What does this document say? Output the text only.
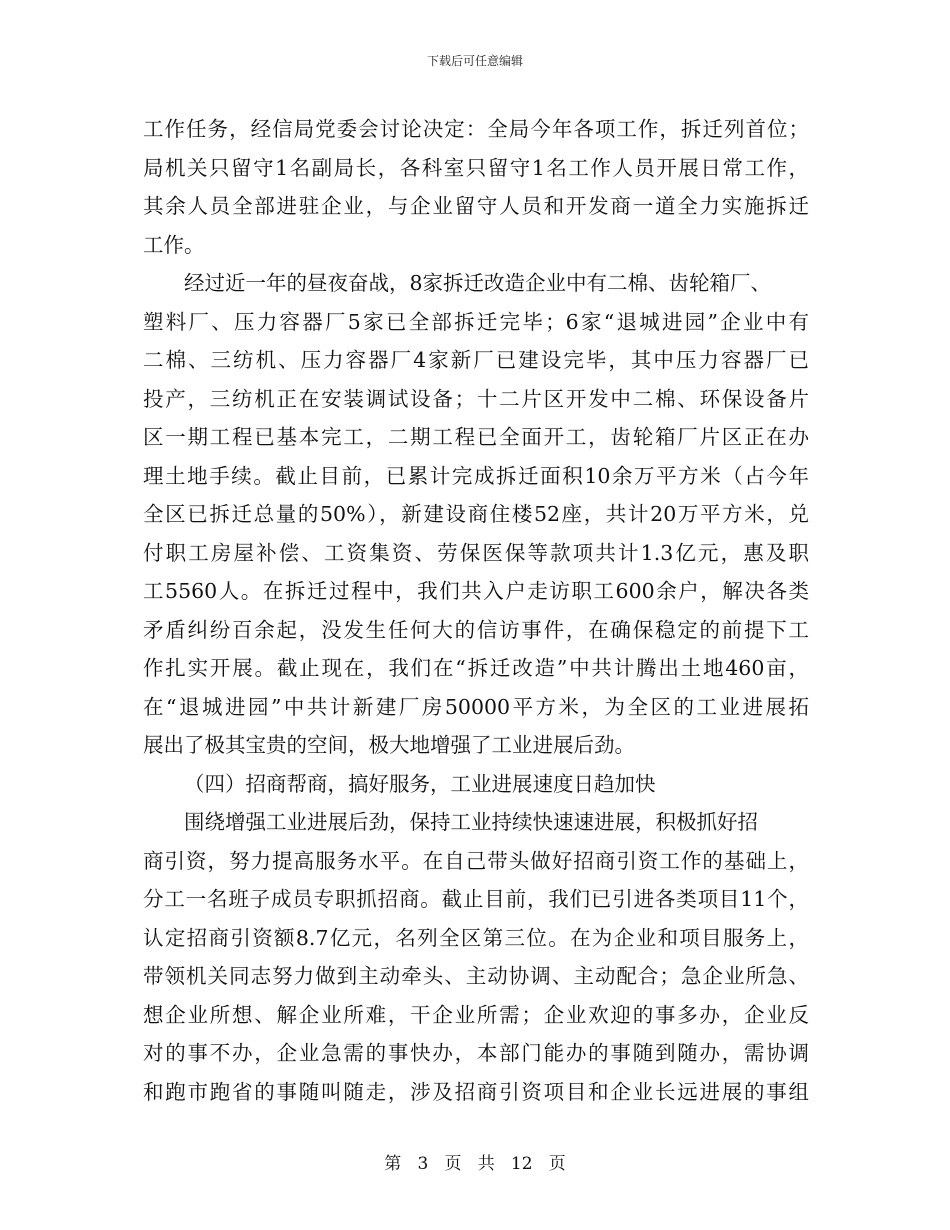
下载后可任意编辑
工作任务，经信局党委会讨论决定：全局今年各项工作，拆迁列首位；
局机关只留守1名副局长，各科室只留守1名工作人员开展日常工作，
其余人员全部进驻企业，与企业留守人员和开发商一道全力实施拆迁
工作。
经过近一年的昼夜奋战，8家拆迁改造企业中有二棉、齿轮箱厂、
塑料厂、压力容器厂5家已全部拆迁完毕；6家“退城进园”企业中有
二棉、三纺机、压力容器厂4家新厂已建设完毕，其中压力容器厂已
投产，三纺机正在安装调试设备；十二片区开发中二棉、环保设备片
区一期工程已基本完工，二期工程已全面开工，齿轮箱厂片区正在办
理土地手续。截止目前，已累计完成拆迁面积10余万平方米（占今年
全区已拆迁总量的50%），新建设商住楼52座，共计20万平方米，兑
付职工房屋补偿、工资集资、劳保医保等款项共计1.3亿元，惠及职
工5560人。在拆迁过程中，我们共入户走访职工600余户，解决各类
矛盾纠纷百余起，没发生任何大的信访事件，在确保稳定的前提下工
作扎实开展。截止现在，我们在“拆迁改造”中共计腾出土地460亩，
在“退城进园”中共计新建厂房50000平方米，为全区的工业进展拓
展出了极其宝贵的空间，极大地增强了工业进展后劲。
（四）招商帮商，搞好服务，工业进展速度日趋加快
围绕增强工业进展后劲，保持工业持续快速速进展，积极抓好招
商引资，努力提高服务水平。在自己带头做好招商引资工作的基础上，
分工一名班子成员专职抓招商。截止目前，我们已引进各类项目11个，
认定招商引资额8.7亿元，名列全区第三位。在为企业和项目服务上，
带领机关同志努力做到主动牵头、主动协调、主动配合；急企业所急、
想企业所想、解企业所难，干企业所需；企业欢迎的事多办，企业反
对的事不办，企业急需的事快办，本部门能办的事随到随办，需协调
和跑市跑省的事随叫随走，涉及招商引资项目和企业长远进展的事组
第 3 页 共 12 页
